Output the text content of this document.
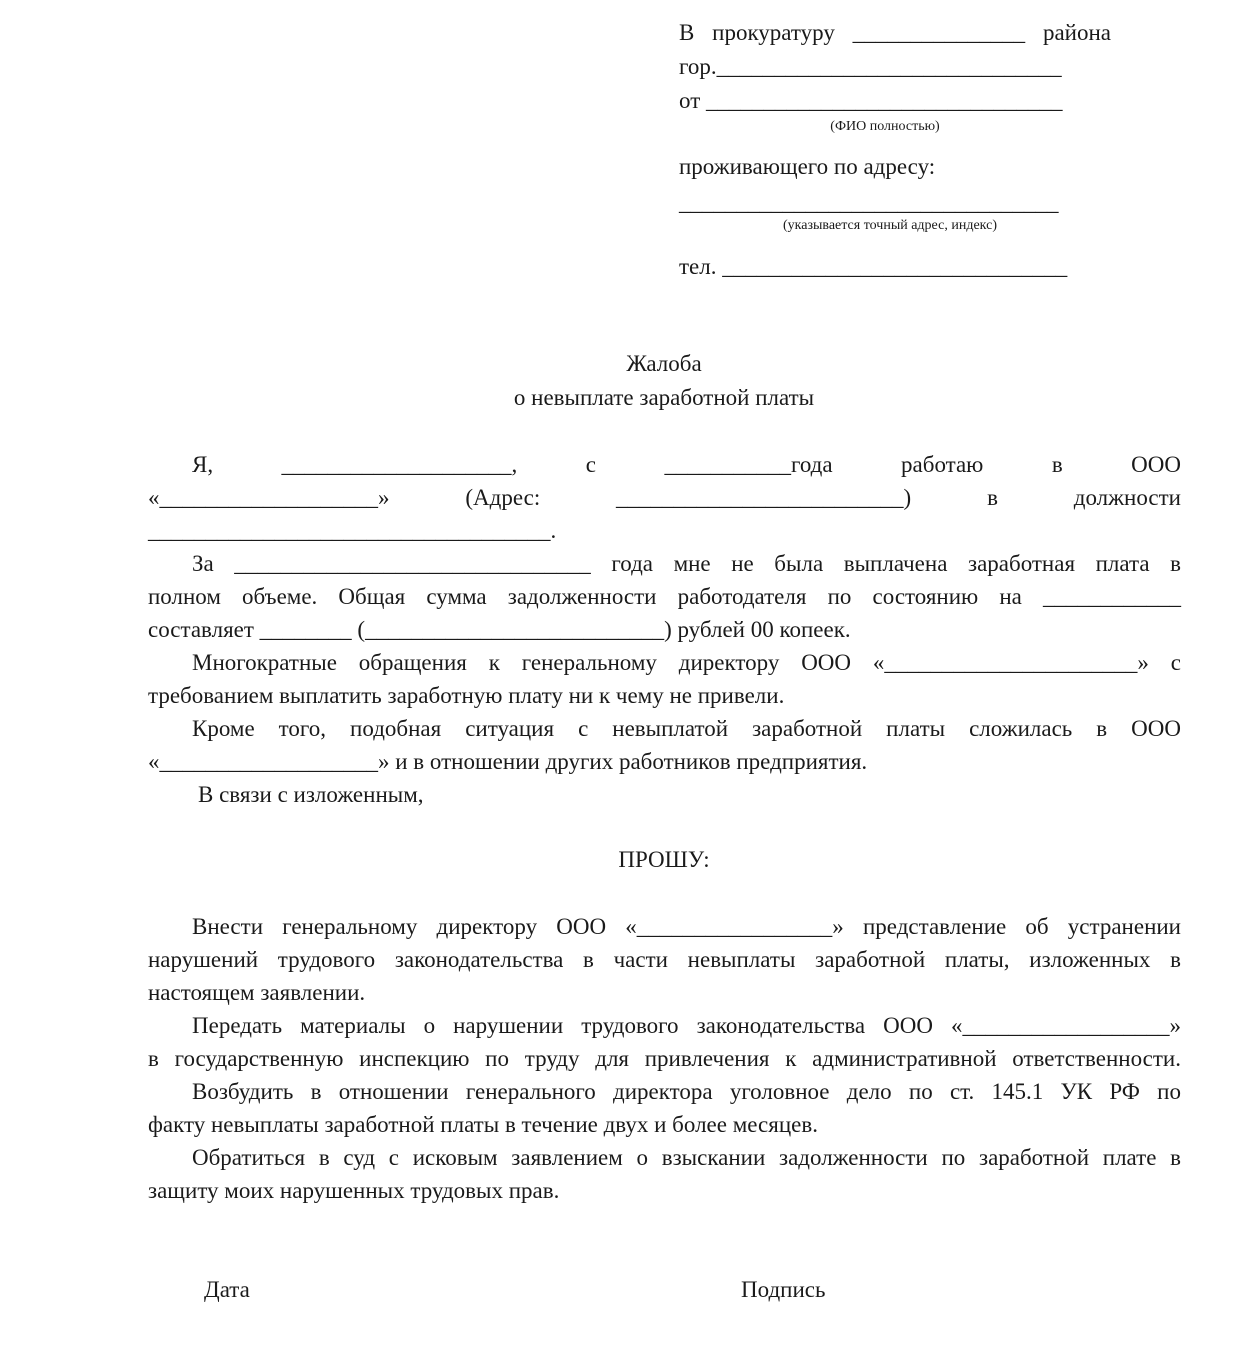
В прокуратуру _______________ района
гор.______________________________
от _______________________________
(ФИО полностью)
проживающего по адресу:
_________________________________
(указывается точный адрес, индекс)
тел. ______________________________
Жалоба
о невыплате заработной платы
Я, ____________________, с ___________года работаю в ООО
«___________________» (Адрес: _________________________) в должности
___________________________________.
За _______________________________ года мне не была выплачена заработная плата в
полном объеме. Общая сумма задолженности работодателя по состоянию на ____________
составляет ________ (__________________________) рублей 00 копеек.
Многократные обращения к генеральному директору ООО «______________________» с
требованием выплатить заработную плату ни к чему не привели.
Кроме того, подобная ситуация с невыплатой заработной платы сложилась в ООО
«___________________» и в отношении других работников предприятия.
В связи с изложенным,
ПРОШУ:
Внести генеральному директору ООО «_________________» представление об устранении
нарушений трудового законодательства в части невыплаты заработной платы, изложенных в
настоящем заявлении.
Передать материалы о нарушении трудового законодательства ООО «__________________»
в государственную инспекцию по труду для привлечения к административной ответственности.
Возбудить в отношении генерального директора уголовное дело по ст. 145.1 УК РФ по
факту невыплаты заработной платы в течение двух и более месяцев.
Обратиться в суд с исковым заявлением о взыскании задолженности по заработной плате в
защиту моих нарушенных трудовых прав.
Дата	Подпись
